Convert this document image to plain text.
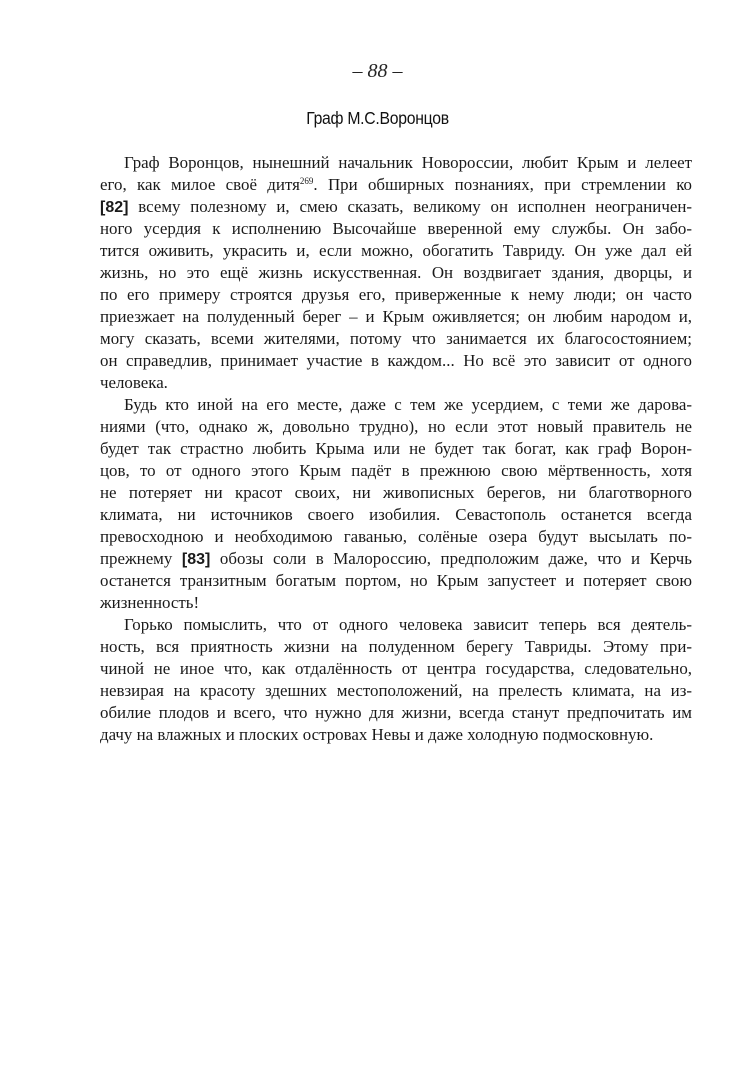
– 88 –
Граф М.С.Воронцов
Граф Воронцов, нынешний начальник Новороссии, любит Крым и лелеет
его, как милое своё дитя$^{269}$. При обширных познаниях, при стремлении ко
[82] всему полезному и, смею сказать, великому он исполнен неограничен-
ного усердия к исполнению Высочайше вверенной ему службы. Он забо-
тится оживить, украсить и, если можно, обогатить Тавриду. Он уже дал ей
жизнь, но это ещё жизнь искусственная. Он воздвигает здания, дворцы, и
по его примеру строятся друзья его, приверженные к нему люди; он часто
приезжает на полуденный берег – и Крым оживляется; он любим народом и,
могу сказать, всеми жителями, потому что занимается их благосостоянием;
он справедлив, принимает участие в каждом... Но всё это зависит от одного
человека.
Будь кто иной на его месте, даже с тем же усердием, с теми же дарова-
ниями (что, однако ж, довольно трудно), но если этот новый правитель не
будет так страстно любить Крыма или не будет так богат, как граф Ворон-
цов, то от одного этого Крым падёт в прежнюю свою мёртвенность, хотя
не потеряет ни красот своих, ни живописных берегов, ни благотворного
климата, ни источников своего изобилия. Севастополь останется всегда
превосходною и необходимою гаванью, солёные озера будут высылать по-
прежнему [83] обозы соли в Малороссию, предположим даже, что и Керчь
останется транзитным богатым портом, но Крым запустеет и потеряет свою
жизненность!
Горько помыслить, что от одного человека зависит теперь вся деятель-
ность, вся приятность жизни на полуденном берегу Тавриды. Этому при-
чиной не иное что, как отдалённость от центра государства, следовательно,
невзирая на красоту здешних местоположений, на прелесть климата, на из-
обилие плодов и всего, что нужно для жизни, всегда станут предпочитать им
дачу на влажных и плоских островах Невы и даже холодную подмосковную.
